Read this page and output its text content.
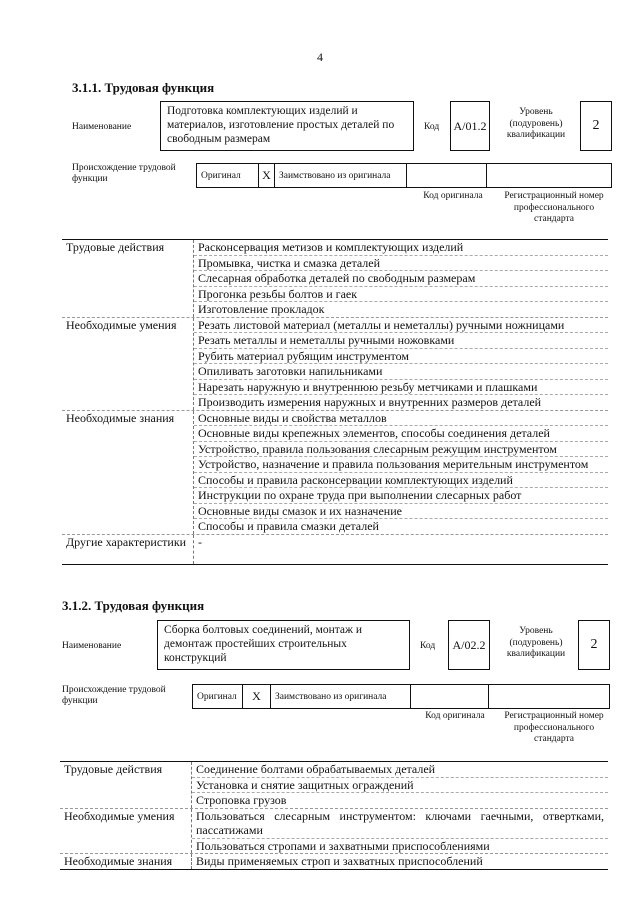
4
3.1.1. Трудовая функция
Наименование
Подготовка комплектующих изделий и материалов, изготовление простых деталей по свободным размерам
Код A/01.2
Уровень (подуровень) квалификации
2
Происхождение трудовой функции	Оригинал	X Заимствовано из оригинала
Код оригинала	Регистрационный номер профессионального стандарта
Трудовые действия	Расконсервация метизов и комплектующих изделий
Промывка, чистка и смазка деталей
Слесарная обработка деталей по свободным размерам
Прогонка резьбы болтов и гаек
Изготовление прокладок
Необходимые умения	Резать листовой материал (металлы и неметаллы) ручными ножницами
Резать металлы и неметаллы ручными ножовками
Рубить материал рубящим инструментом
Опиливать заготовки напильниками
Нарезать наружную и внутреннюю резьбу метчиками и плашками
Производить измерения наружных и внутренних размеров деталей
Необходимые знания	Основные виды и свойства металлов
Основные виды крепежных элементов, способы соединения деталей
Устройство, правила пользования слесарным режущим инструментом
Устройство, назначение и правила пользования мерительным инструментом
Способы и правила расконсервации комплектующих изделий
Инструкции по охране труда при выполнении слесарных работ
Основные виды смазок и их назначение
Способы и правила смазки деталей
Другие характеристики -
3.1.2. Трудовая функция
Наименование
Сборка болтовых соединений, монтаж и демонтаж простейших строительных конструкций
Код	A/02.2
Уровень (подуровень) квалификации
2
Происхождение трудовой функции	Оригинал	X	Заимствовано из оригинала
Код оригинала	Регистрационный номер профессионального стандарта
Трудовые действия	Соединение болтами обрабатываемых деталей
Установка и снятие защитных ограждений
Строповка грузов
Необходимые умения	Пользоваться слесарным инструментом: ключами гаечными, отвертками, пассатижами
Пользоваться стропами и захватными приспособлениями
Необходимые знания	Виды применяемых строп и захватных приспособлений
